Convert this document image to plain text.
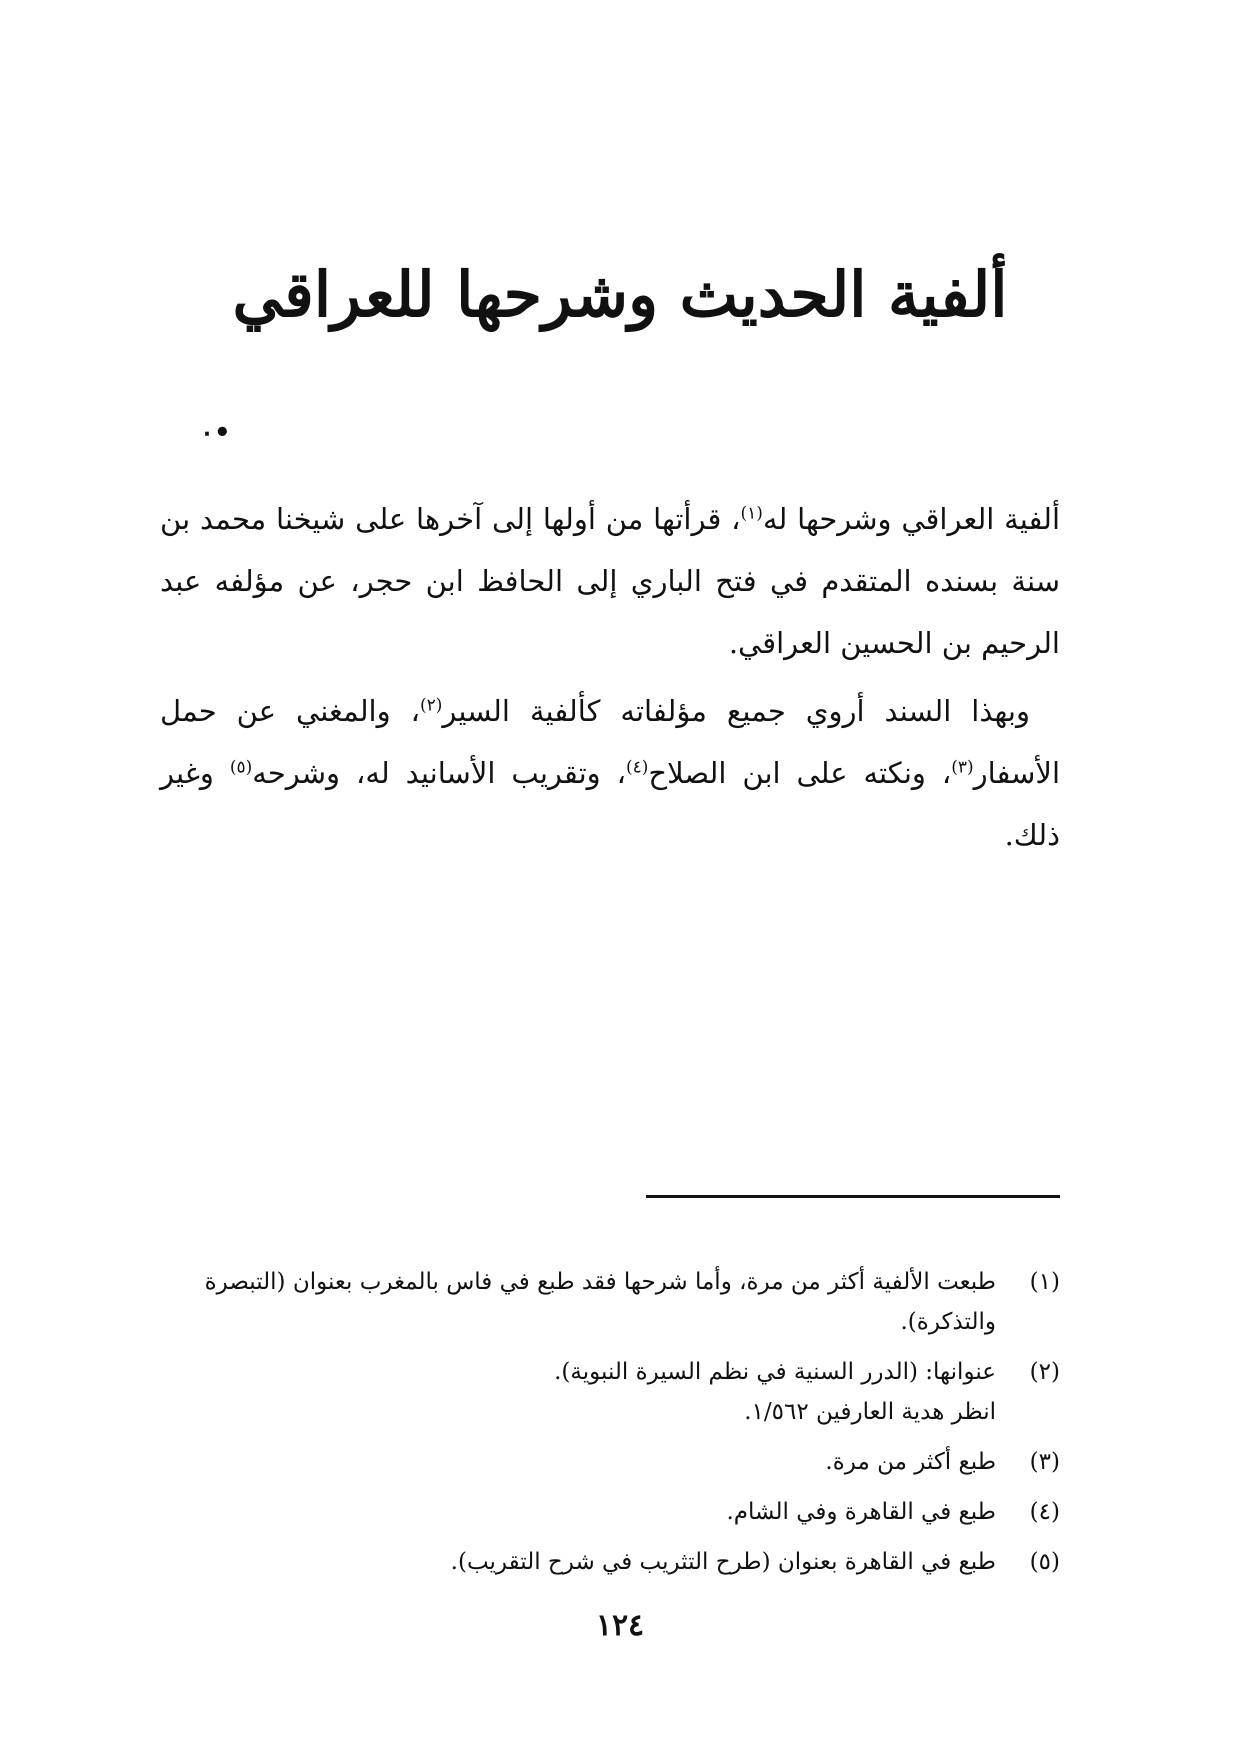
ألفية الحديث وشرحها للعراقي
٠•

ألفية العراقي وشرحها له$^{(١)}$، قرأتها من أولها إلى آخرها على شيخنا محمد بن سنة بسنده المتقدم في فتح الباري إلى الحافظ ابن حجر، عن مؤلفه عبد الرحيم بن الحسين العراقي.

وبهذا السند أروي جميع مؤلفاته كألفية السير$^{(٢)}$، والمغني عن حمل الأسفار$^{(٣)}$، ونكته على ابن الصلاح$^{(٤)}$، وتقريب الأسانيد له، وشرحه$^{(٥)}$ وغير ذلك.

(١)
طبعت الألفية أكثر من مرة، وأما شرحها فقد طبع في فاس بالمغرب بعنوان (التبصرة والتذكرة).
(٢)
عنوانها: (الدرر السنية في نظم السيرة النبوية).
انظر هدية العارفين ١/٥٦٢.
(٣)
طبع أكثر من مرة.
(٤)
طبع في القاهرة وفي الشام.
(٥)
طبع في القاهرة بعنوان (طرح التثريب في شرح التقريب).
١٢٤
